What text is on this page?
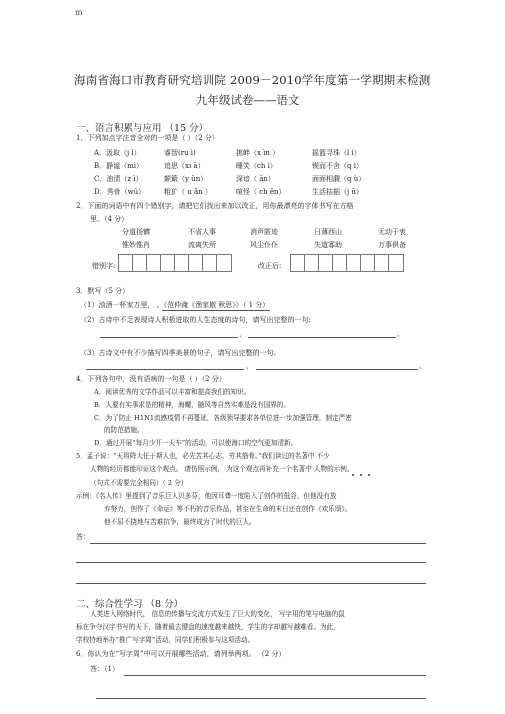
m
海南省海口市教育研究培训院 2009－2010学年度第一学期期末检测
九年级试卷——语文
一、语言积累与应用 （15 分）
1．下列加点字注音全对的一项是（ ）（2 分）
A．汲取（j ì）	睿智(ru ì)	挑衅（x ìn ）	摇篮寻珠（l ì）
B．静谧（mì）	追思（xi ā）	睡笑（ch ì）	锲而不舍（q ì）
C．油渍（z ì）	颠簸（y ǔn）	深谙（ ān）	面面相觑（q ù）
D．秀骨（wū）	粗犷（ u ǎn ）	喧怪（ ch ēn）	生活拮据（j ū）
2．下面的词语中有四个错别字，请把它们找出来加以改正，用你最漂亮的字体书写在方格
里。（4 分）
分道扬镳	不省人事	消声匿迹	日薄西山	无动于衷
惟妙惟肖	流离失所	风尘仆仆	失道寡助	万事俱备
错别字:	改正后:
3．默写（5 分）
（1）浊酒一杯家万里， 。（范仲淹《渔家傲 秋思》）（ 1 分）
（2）古诗中不乏表现诗人积极进取的人生态度的诗句，请写出完整的一句:
，	。
（3）古诗文中有不少描写四季美景的句子，请写出完整的一句。
，	。
4．下列各句中，没有语病的一句是（ ）（2 分）
A．阅读优秀的文学作品可以丰富和提高我们的知识。
B．人要有实事求是的精神，海螺，随风等自然实难是没有国界的。
C．为了防止 H1N1流感疫情不再蔓延，各级领导要求各单位进一步加强管理，制定严密
的防范措施。
D．通过开展“每月少开一天车”的活动，可以使海口的空气更加清新。
5．孟子说：“天将降大任于斯人也，必先苦其心志，劳其筋骨。”我们读过的名著中 不少
人物的经历都能印证这个观点。 请仿照示例， 为这个观点再补充一个名著中 人物的示例。
（句式不需要完全相同）（ 2 分）
示例：《名人传》里提到了音乐巨人贝多芬，他因耳聋一度陷入了创作的低谷，但他没有放
弃努力，创作了《命运》等不朽的音乐作品，甚至在生命的末日还在创作《欢乐颂》。
他不屈不挠地与苦难抗争，最终成为了时代的巨人。
答：
二、综合性学习 （8 分）
人类进入网络时代， 信息的传播与交流方式发生了巨大的变化， 写字用的笔与电脑的鼠
标在争夺汉字书写的天下，随着最去键盘的速度越来越快，学生的字却越写越难看。为此，
学校特地举办“推广写字周”活动，同学们积极参与这项活动。
6．你认为在“写字周”中可以开展哪些活动，请列举两项。 （2 分）
答：（1）
